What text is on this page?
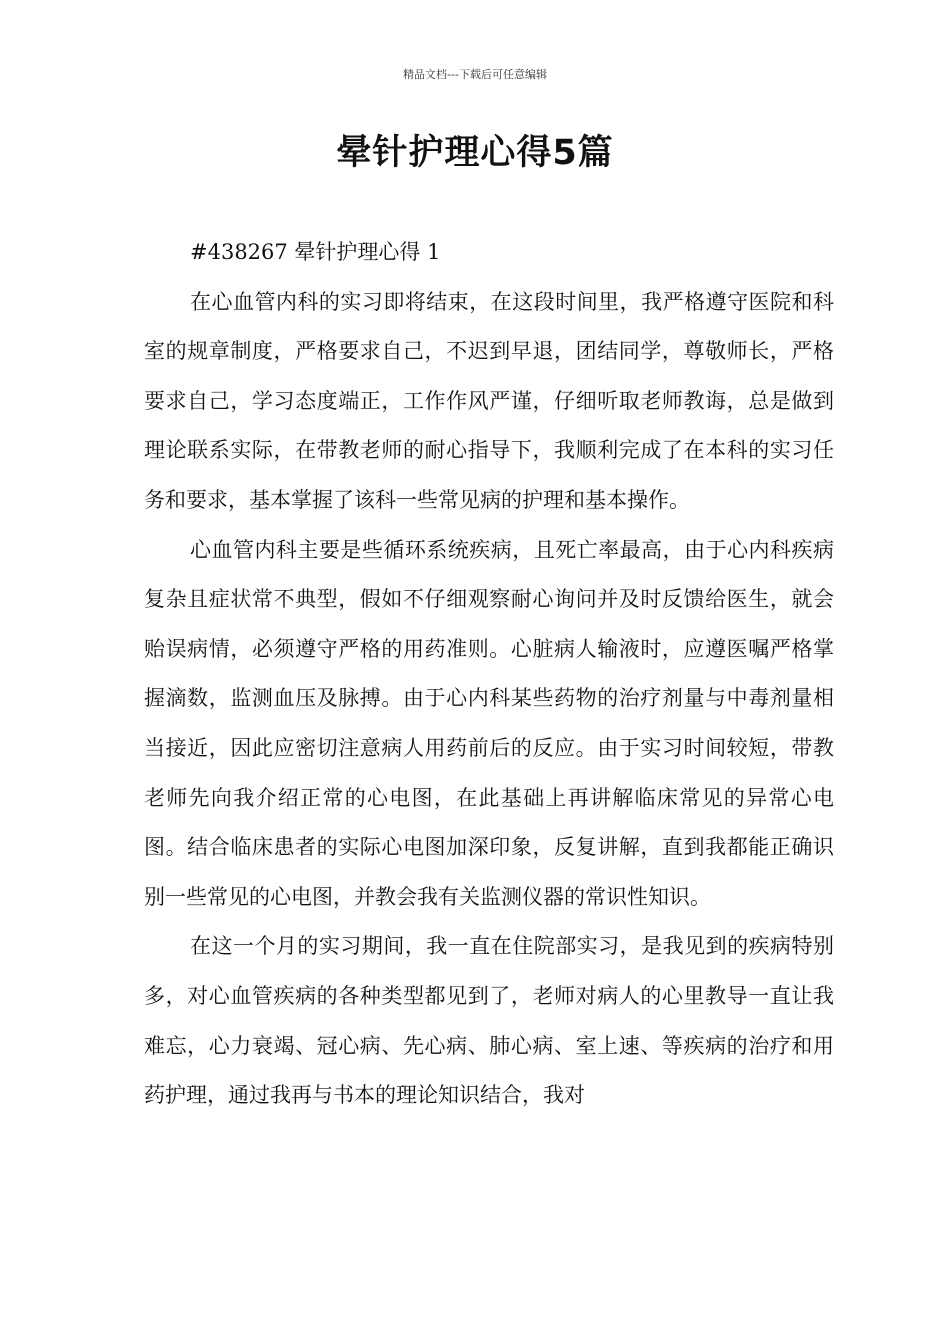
精品文档---下载后可任意编辑
晕针护理心得5篇

#438267 晕针护理心得 1

在心血管内科的实习即将结束，在这段时间里，我严格遵守医院和科室的规章制度，严格要求自己，不迟到早退，团结同学，尊敬师长，严格要求自己，学习态度端正，工作作风严谨，仔细听取老师教诲，总是做到理论联系实际，在带教老师的耐心指导下，我顺利完成了在本科的实习任务和要求，基本掌握了该科一些常见病的护理和基本操作。

心血管内科主要是些循环系统疾病，且死亡率最高，由于心内科疾病复杂且症状常不典型，假如不仔细观察耐心询问并及时反馈给医生，就会贻误病情，必须遵守严格的用药准则。心脏病人输液时，应遵医嘱严格掌握滴数，监测血压及脉搏。由于心内科某些药物的治疗剂量与中毒剂量相当接近，因此应密切注意病人用药前后的反应。由于实习时间较短，带教老师先向我介绍正常的心电图，在此基础上再讲解临床常见的异常心电图。结合临床患者的实际心电图加深印象，反复讲解，直到我都能正确识别一些常见的心电图，并教会我有关监测仪器的常识性知识。

在这一个月的实习期间，我一直在住院部实习，是我见到的疾病特别多，对心血管疾病的各种类型都见到了，老师对病人的心里教导一直让我难忘，心力衰竭、冠心病、先心病、肺心病、室上速、等疾病的治疗和用药护理，通过我再与书本的理论知识结合，我对
